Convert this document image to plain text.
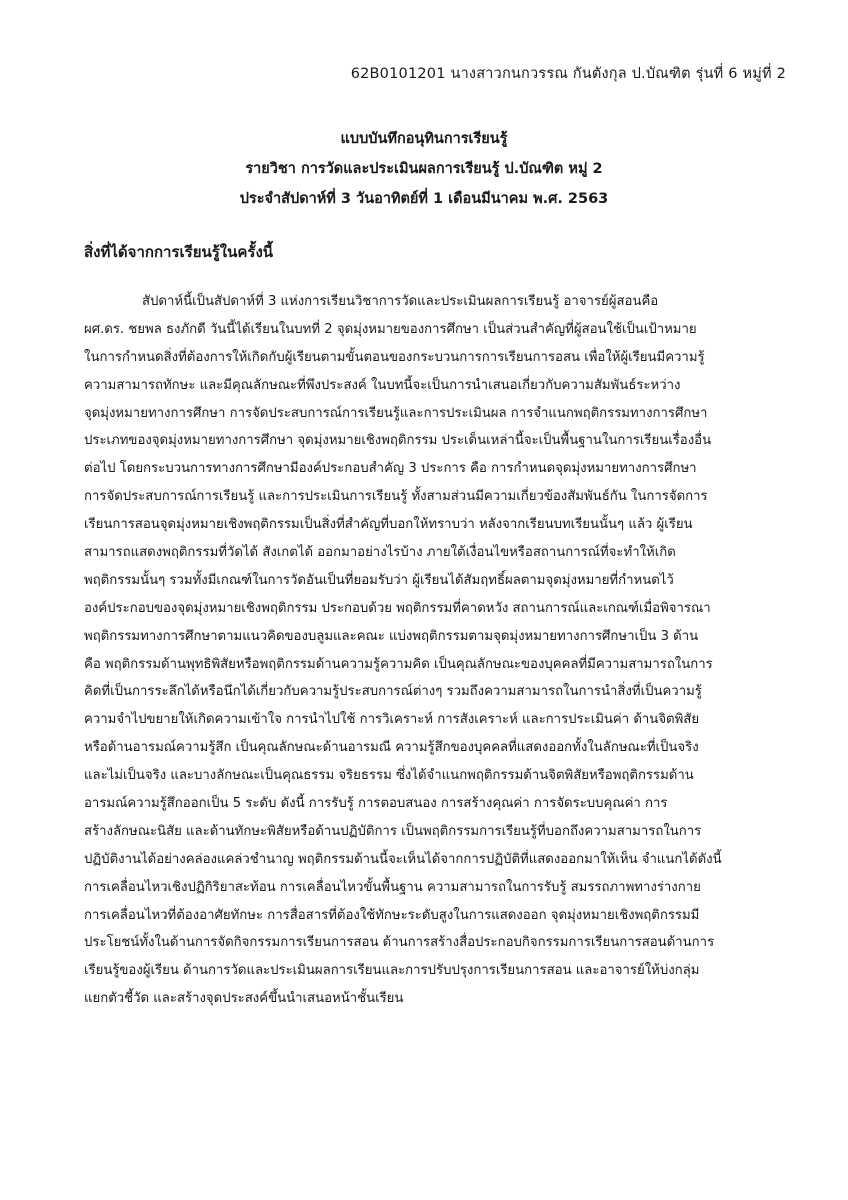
62B0101201 นางสาวกนกวรรณ กันตังกุล ป.บัณฑิต รุ่นที่ 6 หมู่ที่ 2
แบบบันทึกอนุทินการเรียนรู้
รายวิชา การวัดและประเมินผลการเรียนรู้ ป.บัณฑิต หมู่ 2
ประจำสัปดาห์ที่ 3 วันอาทิตย์ที่ 1 เดือนมีนาคม พ.ศ. 2563
สิ่งที่ได้จากการเรียนรู้ในครั้งนี้
สัปดาห์นี้เป็นสัปดาห์ที่ 3 แห่งการเรียนวิชาการวัดและประเมินผลการเรียนรู้ อาจารย์ผู้สอนคือ
ผศ.ดร. ชยพล ธงภักดี วันนี้ได้เรียนในบทที่ 2 จุดมุ่งหมายของการศึกษา เป็นส่วนสำคัญที่ผู้สอนใช้เป็นเป้าหมาย
ในการกำหนดสิ่งที่ต้องการให้เกิดกับผู้เรียนตามขั้นตอนของกระบวนการการเรียนการอสน เพื่อให้ผู้เรียนมีความรู้
ความสามารถทักษะ และมีคุณลักษณะที่พึงประสงค์ ในบทนี้จะเป็นการนำเสนอเกี่ยวกับความสัมพันธ์ระหว่าง
จุดมุ่งหมายทางการศึกษา การจัดประสบการณ์การเรียนรู้และการประเมินผล การจำแนกพฤติกรรมทางการศึกษา
ประเภทของจุดมุ่งหมายทางการศึกษา จุดมุ่งหมายเชิงพฤติกรรม ประเด็นเหล่านี้จะเป็นพื้นฐานในการเรียนเรื่องอื่น
ต่อไป โดยกระบวนการทางการศึกษามีองค์ประกอบสำคัญ 3 ประการ คือ การกำหนดจุดมุ่งหมายทางการศึกษา
การจัดประสบการณ์การเรียนรู้ และการประเมินการเรียนรู้ ทั้งสามส่วนมีความเกี่ยวข้องสัมพันธ์กัน ในการจัดการ
เรียนการสอนจุดมุ่งหมายเชิงพฤติกรรมเป็นสิ่งที่สำคัญที่บอกให้ทราบว่า หลังจากเรียนบทเรียนนั้นๆ แล้ว ผู้เรียน
สามารถแสดงพฤติกรรมที่วัดได้ สังเกตได้ ออกมาอย่างไรบ้าง ภายใต้เงื่อนไขหรือสถานการณ์ที่จะทำให้เกิด
พฤติกรรมนั้นๆ รวมทั้งมีเกณฑ์ในการวัดอันเป็นที่ยอมรับว่า ผู้เรียนได้สัมฤทธิ์ผลตามจุดมุ่งหมายที่กำหนดไว้
องค์ประกอบของจุดมุ่งหมายเชิงพฤติกรรม ประกอบด้วย พฤติกรรมที่คาดหวัง สถานการณ์และเกณฑ์เมื่อพิจารณา
พฤติกรรมทางการศึกษาตามแนวคิดของบลูมและคณะ แบ่งพฤติกรรมตามจุดมุ่งหมายทางการศึกษาเป็น 3 ด้าน
คือ พฤติกรรมด้านพุทธิพิสัยหรือพฤติกรรมด้านความรู้ความคิด เป็นคุณลักษณะของบุคคลที่มีความสามารถในการ
คิดที่เป็นการระลึกได้หรือนึกได้เกี่ยวกับความรู้ประสบการณ์ต่างๆ รวมถึงความสามารถในการนำสิ่งที่เป็นความรู้
ความจำไปขยายให้เกิดความเข้าใจ การนำไปใช้ การวิเคราะห์ การสังเคราะห์ และการประเมินค่า ด้านจิตพิสัย
หรือด้านอารมณ์ความรู้สึก เป็นคุณลักษณะด้านอารมณี ความรู้สึกของบุคคลที่แสดงออกทั้งในลักษณะที่เป็นจริง
และไม่เป็นจริง และบางลักษณะเป็นคุณธรรม จริยธรรม ซึ่งได้จำแนกพฤติกรรมด้านจิตพิสัยหรือพฤติกรรมด้าน
อารมณ์ความรู้สึกออกเป็น 5 ระดับ ดังนี้ การรับรู้ การตอบสนอง การสร้างคุณค่า การจัดระบบคุณค่า การ
สร้างลักษณะนิสัย และด้านทักษะพิสัยหรือด้านปฏิบัติการ เป็นพฤติกรรมการเรียนรู้ที่บอกถึงความสามารถในการ
ปฏิบัติงานได้อย่างคล่องแคล่วชำนาญ พฤติกรรมด้านนี้จะเห็นได้จากการปฏิบัติที่แสดงออกมาให้เห็น จำแนกได้ดังนี้
การเคลื่อนไหวเชิงปฏิกิริยาสะท้อน การเคลื่อนไหวขั้นพื้นฐาน ความสามารถในการรับรู้ สมรรถภาพทางร่างกาย
การเคลื่อนไหวที่ต้องอาศัยทักษะ การสื่อสารที่ต้องใช้ทักษะระดับสูงในการแสดงออก จุดมุ่งหมายเชิงพฤติกรรมมี
ประโยชน์ทั้งในด้านการจัดกิจกรรมการเรียนการสอน ด้านการสร้างสื่อประกอบกิจกรรมการเรียนการสอนด้านการ
เรียนรู้ของผู้เรียน ด้านการวัดและประเมินผลการเรียนและการปรับปรุงการเรียนการสอน และอาจารย์ให้บ่งกลุ่ม
แยกตัวชี้วัด และสร้างจุดประสงค์ขึ้นนำเสนอหน้าชั้นเรียน
